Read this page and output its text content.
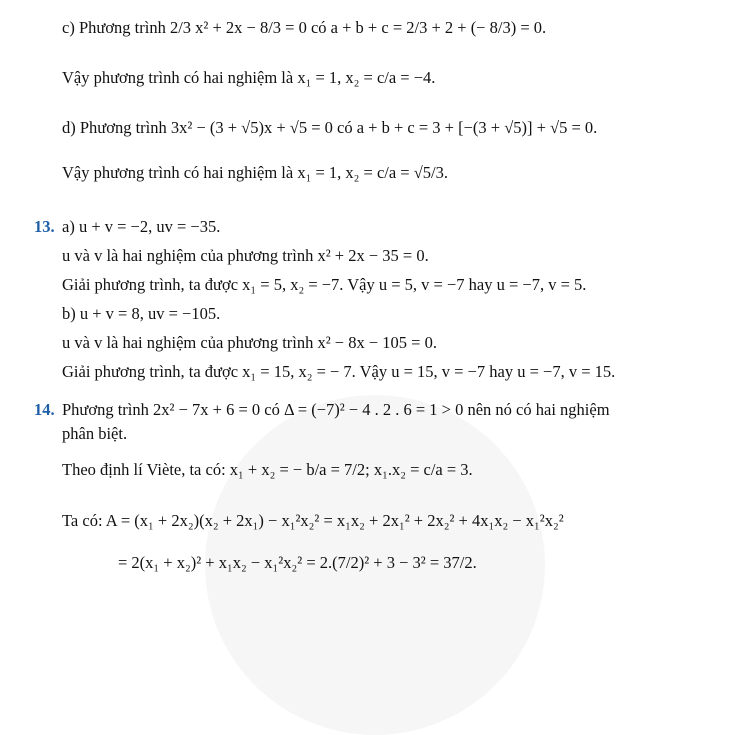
c) Phương trình 2/3 x² + 2x − 8/3 = 0 có a + b + c = 2/3 + 2 + (− 8/3) = 0.
Vậy phương trình có hai nghiệm là x₁ = 1, x₂ = c/a = −4.
d) Phương trình 3x² − (3 + √5)x + √5 = 0 có a + b + c = 3 + [−(3 + √5)] + √5 = 0.
Vậy phương trình có hai nghiệm là x₁ = 1, x₂ = c/a = √5/3.
13. a) u + v = −2, uv = −35.
u và v là hai nghiệm của phương trình x² + 2x − 35 = 0.
Giải phương trình, ta được x₁ = 5, x₂ = −7. Vậy u = 5, v = −7 hay u = −7, v = 5.
b) u + v = 8, uv = −105.
u và v là hai nghiệm của phương trình x² − 8x − 105 = 0.
Giải phương trình, ta được x₁ = 15, x₂ = − 7. Vậy u = 15, v = −7 hay u = −7, v = 15.
14. Phương trình 2x² − 7x + 6 = 0 có Δ = (−7)² − 4 . 2 . 6 = 1 > 0 nên nó có hai nghiệm
phân biệt.
Theo định lí Viète, ta có: x₁ + x₂ = − b/a = 7/2; x₁.x₂ = c/a = 3.
Ta có: A = (x₁ + 2x₂)(x₂ + 2x₁) − x₁²x₂² = x₁x₂ + 2x₁² + 2x₂² + 4x₁x₂ − x₁²x₂²
= 2(x₁ + x₂)² + x₁x₂ − x₁²x₂² = 2.(7/2)² + 3 − 3² = 37/2.
